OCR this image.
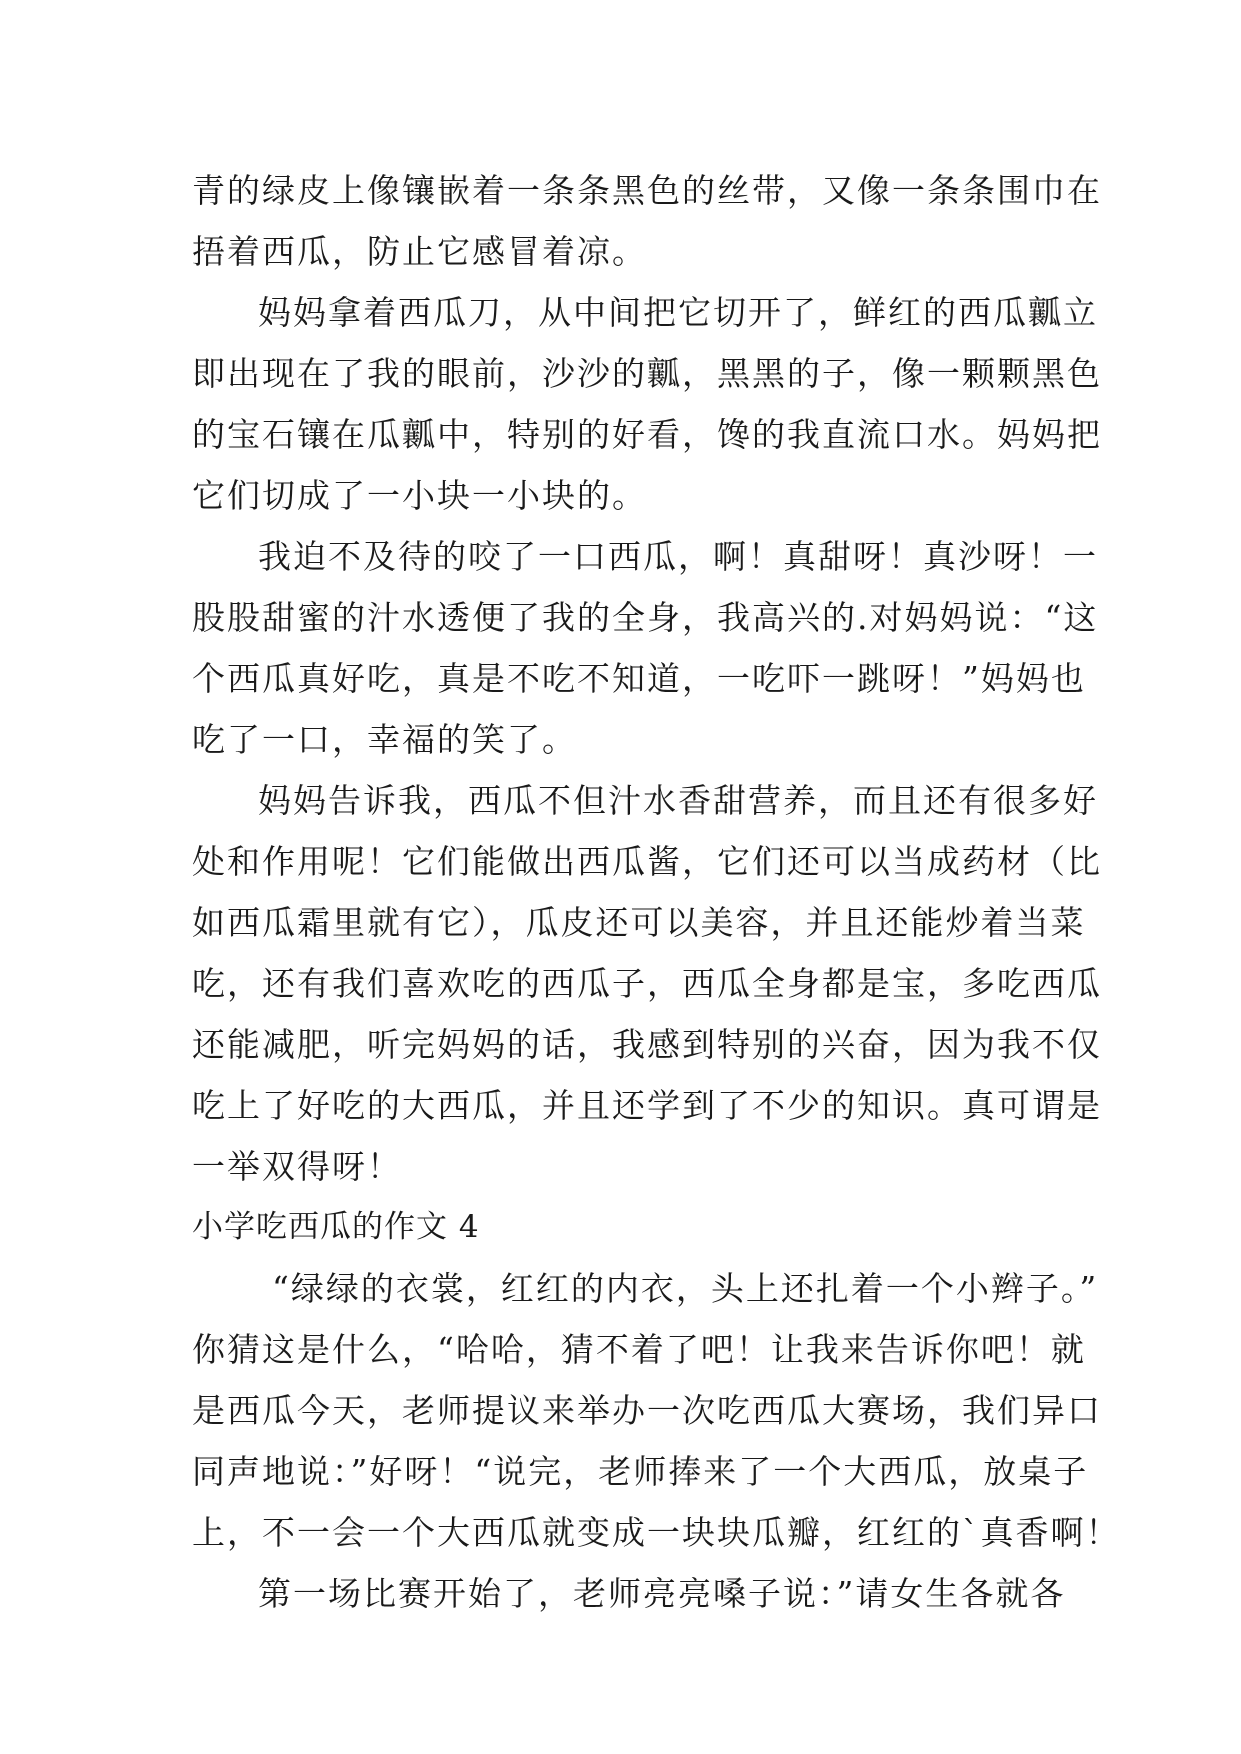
青的绿皮上像镶嵌着一条条黑色的丝带，又像一条条围巾在
捂着西瓜，防止它感冒着凉。
妈妈拿着西瓜刀，从中间把它切开了，鲜红的西瓜瓤立
即出现在了我的眼前，沙沙的瓤，黑黑的子，像一颗颗黑色
的宝石镶在瓜瓤中，特别的好看，馋的我直流口水。妈妈把
它们切成了一小块一小块的。
我迫不及待的咬了一口西瓜，啊！真甜呀！真沙呀！一
股股甜蜜的汁水透便了我的全身，我高兴的.对妈妈说：“这
个西瓜真好吃，真是不吃不知道，一吃吓一跳呀！”妈妈也
吃了一口，幸福的笑了。
妈妈告诉我，西瓜不但汁水香甜营养，而且还有很多好
处和作用呢！它们能做出西瓜酱，它们还可以当成药材（比
如西瓜霜里就有它），瓜皮还可以美容，并且还能炒着当菜
吃，还有我们喜欢吃的西瓜子，西瓜全身都是宝，多吃西瓜
还能减肥，听完妈妈的话，我感到特别的兴奋，因为我不仅
吃上了好吃的大西瓜，并且还学到了不少的知识。真可谓是
一举双得呀！
小学吃西瓜的作文 4
“绿绿的衣裳，红红的内衣，头上还扎着一个小辫子。”
你猜这是什么，“哈哈，猜不着了吧！让我来告诉你吧！就
是西瓜今天，老师提议来举办一次吃西瓜大赛场，我们异口
同声地说：”好呀！“说完，老师捧来了一个大西瓜，放桌子
上，不一会一个大西瓜就变成一块块瓜瓣，红红的`真香啊！
第一场比赛开始了，老师亮亮嗓子说：”请女生各就各
